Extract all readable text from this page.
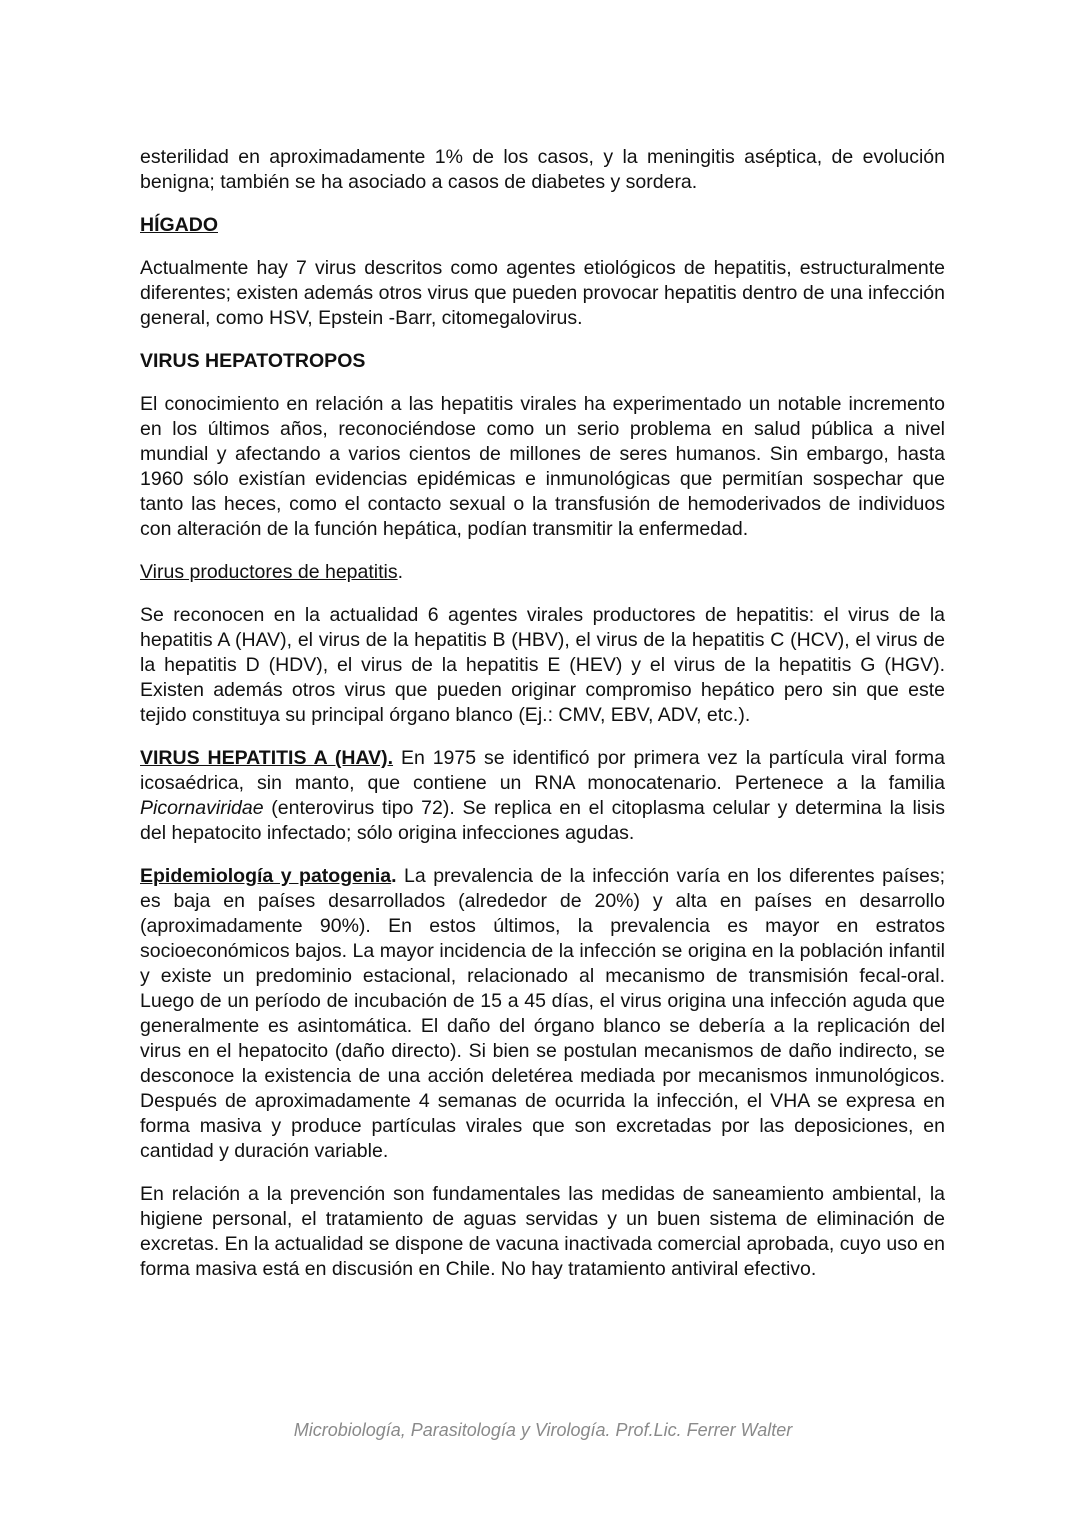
esterilidad en aproximadamente 1% de los casos, y la meningitis aséptica, de evolución benigna; también se ha asociado a casos de diabetes y sordera.

HÍGADO

Actualmente hay 7 virus descritos como agentes etiológicos de hepatitis, estructuralmente diferentes; existen además otros virus que pueden provocar hepatitis dentro de una infección general, como HSV, Epstein -Barr, citomegalovirus.

VIRUS HEPATOTROPOS

El conocimiento en relación a las hepatitis virales ha experimentado un notable incremento en los últimos años, reconociéndose como un serio problema en salud pública a nivel mundial y afectando a varios cientos de millones de seres humanos. Sin embargo, hasta 1960 sólo existían evidencias epidémicas e inmunológicas que permitían sospechar que tanto las heces, como el contacto sexual o la transfusión de hemoderivados de individuos con alteración de la función hepática, podían transmitir la enfermedad.

Virus productores de hepatitis.

Se reconocen en la actualidad 6 agentes virales productores de hepatitis: el virus de la hepatitis A (HAV), el virus de la hepatitis B (HBV), el virus de la hepatitis C (HCV), el virus de la hepatitis D (HDV), el virus de la hepatitis E (HEV) y el virus de la hepatitis G (HGV). Existen además otros virus que pueden originar compromiso hepático pero sin que este tejido constituya su principal órgano blanco (Ej.: CMV, EBV, ADV, etc.).

VIRUS HEPATITIS A (HAV). En 1975 se identificó por primera vez la partícula viral forma icosaédrica, sin manto, que contiene un RNA monocatenario. Pertenece a la familia Picornaviridae (enterovirus tipo 72). Se replica en el citoplasma celular y determina la lisis del hepatocito infectado; sólo origina infecciones agudas.

Epidemiología y patogenia. La prevalencia de la infección varía en los diferentes países; es baja en países desarrollados (alrededor de 20%) y alta en países en desarrollo (aproximadamente 90%). En estos últimos, la prevalencia es mayor en estratos socioeconómicos bajos. La mayor incidencia de la infección se origina en la población infantil y existe un predominio estacional, relacionado al mecanismo de transmisión fecal-oral. Luego de un período de incubación de 15 a 45 días, el virus origina una infección aguda que generalmente es asintomática. El daño del órgano blanco se debería a la replicación del virus en el hepatocito (daño directo). Si bien se postulan mecanismos de daño indirecto, se desconoce la existencia de una acción deletérea mediada por mecanismos inmunológicos. Después de aproximadamente 4 semanas de ocurrida la infección, el VHA se expresa en forma masiva y produce partículas virales que son excretadas por las deposiciones, en cantidad y duración variable.

En relación a la prevención son fundamentales las medidas de saneamiento ambiental, la higiene personal, el tratamiento de aguas servidas y un buen sistema de eliminación de excretas. En la actualidad se dispone de vacuna inactivada comercial aprobada, cuyo uso en forma masiva está en discusión en Chile. No hay tratamiento antiviral efectivo.

Microbiología, Parasitología y Virología. Prof.Lic. Ferrer Walter
